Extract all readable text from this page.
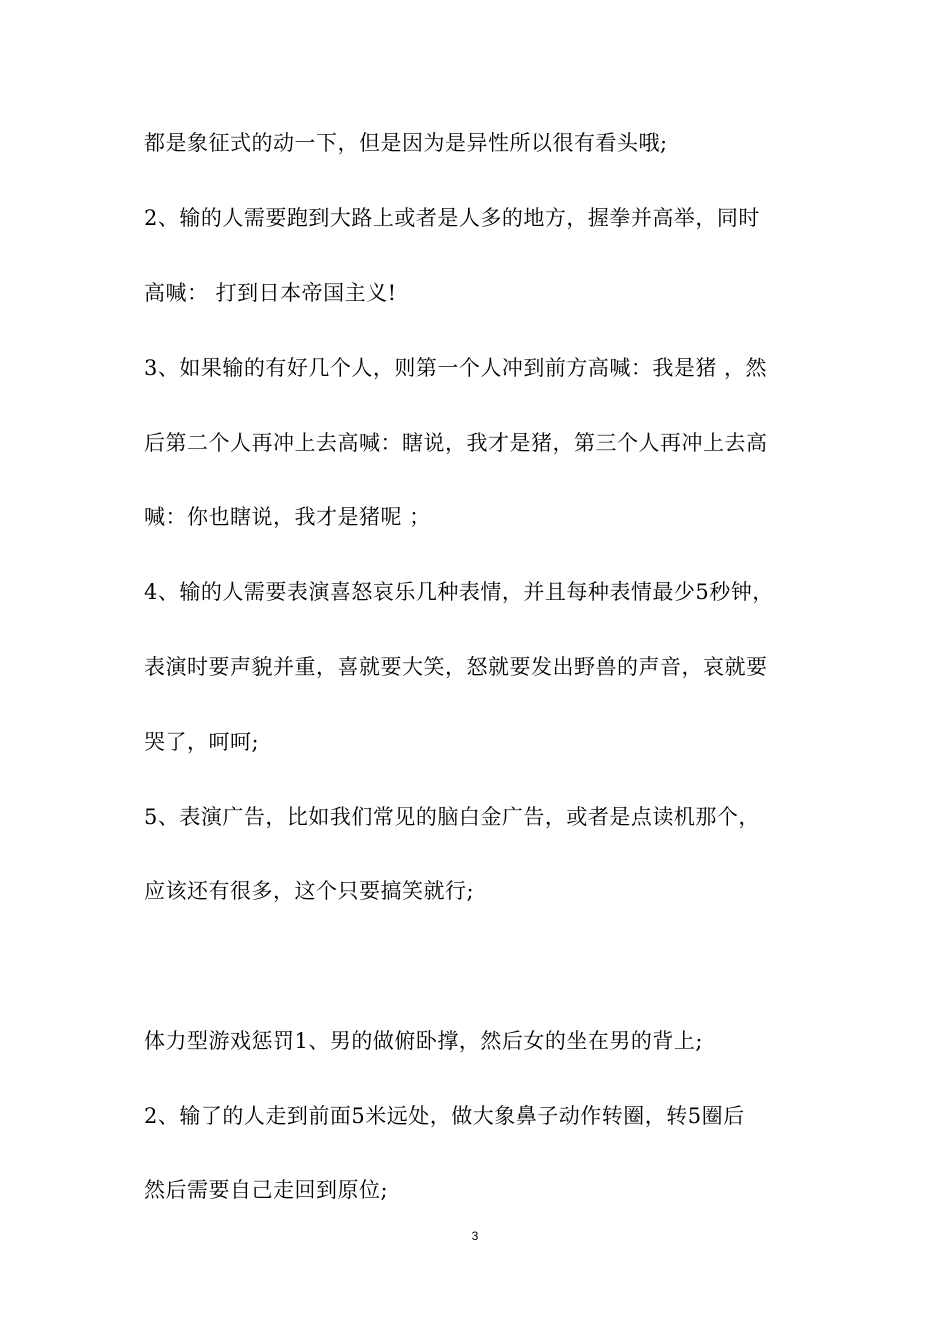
都是象征式的动一下，但是因为是异性所以很有看头哦;

2、输的人需要跑到大路上或者是人多的地方，握拳并高举，同时

高喊： 打到日本帝国主义!

3、如果输的有好几个人，则第一个人冲到前方高喊：我是猪 ，然

后第二个人再冲上去高喊：瞎说，我才是猪，第三个人再冲上去高

喊：你也瞎说，我才是猪呢 ；

4、输的人需要表演喜怒哀乐几种表情，并且每种表情最少5秒钟，

表演时要声貌并重，喜就要大笑，怒就要发出野兽的声音，哀就要

哭了，呵呵;

5、表演广告，比如我们常见的脑白金广告，或者是点读机那个，

应该还有很多，这个只要搞笑就行;

体力型游戏惩罚1、男的做俯卧撑，然后女的坐在男的背上;

2、输了的人走到前面5米远处，做大象鼻子动作转圈，转5圈后

然后需要自己走回到原位;

3
